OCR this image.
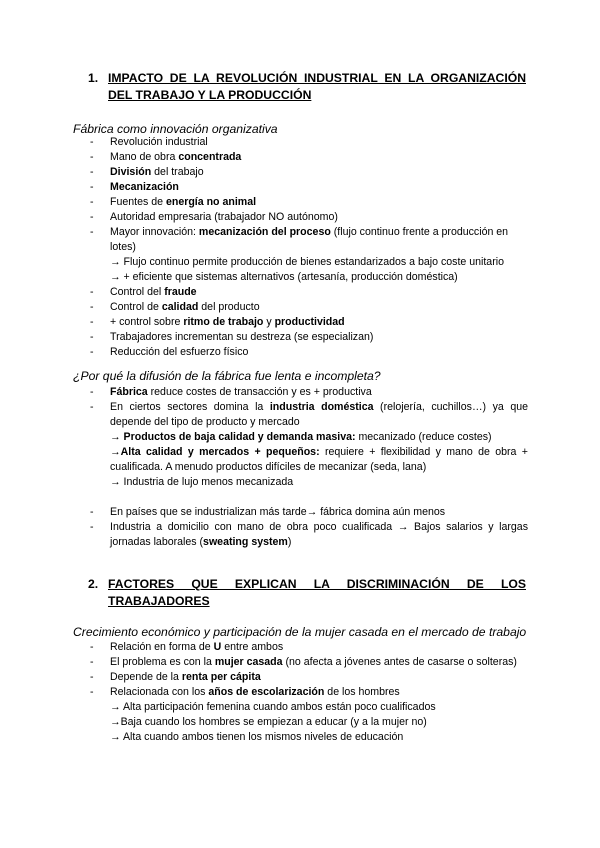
1. IMPACTO DE LA REVOLUCIÓN INDUSTRIAL EN LA ORGANIZACIÓN
DEL TRABAJO Y LA PRODUCCIÓN
Fábrica como innovación organizativa
- Revolución industrial
- Mano de obra concentrada
- División del trabajo
- Mecanización
- Fuentes de energía no animal
- Autoridad empresaria (trabajador NO autónomo)
- Mayor innovación: mecanización del proceso (flujo continuo frente a producción en lotes)
→ Flujo continuo permite producción de bienes estandarizados a bajo coste unitario
→ + eficiente que sistemas alternativos (artesanía, producción doméstica)
- Control del fraude
- Control de calidad del producto
- + control sobre ritmo de trabajo y productividad
- Trabajadores incrementan su destreza (se especializan)
- Reducción del esfuerzo físico
¿Por qué la difusión de la fábrica fue lenta e incompleta?
- Fábrica reduce costes de transacción y es + productiva
- En ciertos sectores domina la industria doméstica (relojería, cuchillos…) ya que depende del tipo de producto y mercado
→ Productos de baja calidad y demanda masiva: mecanizado (reduce costes)
→Alta calidad y mercados + pequeños: requiere + flexibilidad y mano de obra + cualificada. A menudo productos difíciles de mecanizar (seda, lana)
→ Industria de lujo menos mecanizada
- En países que se industrializan más tarde→ fábrica domina aún menos
- Industria a domicilio con mano de obra poco cualificada → Bajos salarios y largas jornadas laborales (sweating system)
2. FACTORES QUE EXPLICAN LA DISCRIMINACIÓN DE LOS
TRABAJADORES
Crecimiento económico y participación de la mujer casada en el mercado de trabajo
- Relación en forma de U entre ambos
- El problema es con la mujer casada (no afecta a jóvenes antes de casarse o solteras)
- Depende de la renta per cápita
- Relacionada con los años de escolarización de los hombres
→ Alta participación femenina cuando ambos están poco cualificados
→Baja cuando los hombres se empiezan a educar (y a la mujer no)
→ Alta cuando ambos tienen los mismos niveles de educación
